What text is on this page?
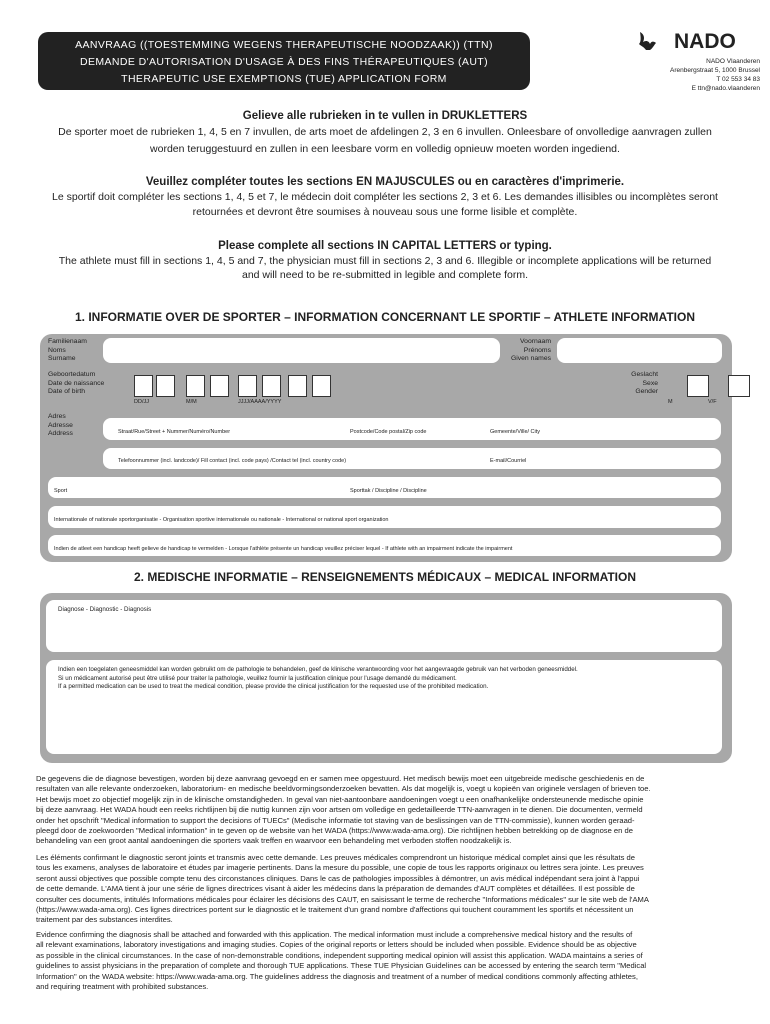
AANVRAAG ((TOESTEMMING WEGENS THERAPEUTISCHE NOODZAAK)) (TTN)
DEMANDE D'AUTORISATION D'USAGE À DES FINS THÉRAPEUTIQUES (AUT)
THERAPEUTIC USE EXEMPTIONS (TUE) APPLICATION FORM
NADO
NADO Vlaanderen
Arenbergstraat 5, 1000 Brussel
T 02 553 34 83
E ttn@nado.vlaanderen
Gelieve alle rubrieken in te vullen in DRUKLETTERS
De sporter moet de rubrieken 1, 4, 5 en 7 invullen, de arts moet de afdelingen 2, 3 en 6 invullen. Onleesbare of onvolledige aanvragen zullen
worden teruggestuurd en zullen in een leesbare vorm en volledig opnieuw moeten worden ingediend.
Veuillez compléter toutes les sections EN MAJUSCULES ou en caractères d'imprimerie.
Le sportif doit compléter les sections 1, 4, 5 et 7, le médecin doit compléter les sections 2, 3 et 6. Les demandes illisibles ou incomplètes seront
retournées et devront être soumises à nouveau sous une forme lisible et complète.
Please complete all sections IN CAPITAL LETTERS or typing.
The athlete must fill in sections 1, 4, 5 and 7, the physician must fill in sections 2, 3 and 6. Illegible or incomplete applications will be returned
and will need to be re-submitted in legible and complete form.
1. INFORMATIE OVER DE SPORTER – INFORMATION CONCERNANT LE SPORTIF – ATHLETE INFORMATION
Familienaam
Noms
Surname
Voornaam
Prénoms
Given names
Geboortedatum
Date de naissance
Date of birth
DD/JJ	M/M	JJJJ/AAAA/YYYY
Geslacht
Sexe
Gender
M	V/F
Adres
Adresse
Address	Straat/Rue/Street + Nummer/Numéro/Number	Postcode/Code postal/Zip code	Gemeente/Ville/ City
Telefoonnummer (incl. landcode)/ Fill contact (incl. code pays) /Contact tel (incl. country code)	E-mail/Courriel
Sport	Sporttak / Discipline / Discipline
Internationale of nationale sportorganisatie - Organisation sportive internationale ou nationale - International or national sport organization
Indien de atleet een handicap heeft gelieve de handicap te vermelden - Lorsque l'athlète présente un handicap veuillez préciser lequel - If athlete with an impairment indicate the impairment
2. MEDISCHE INFORMATIE – RENSEIGNEMENTS MÉDICAUX – MEDICAL INFORMATION
Diagnose - Diagnostic - Diagnosis
Indien een toegelaten geneesmiddel kan worden gebruikt om de pathologie te behandelen, geef de klinische verantwoording voor het aangevraagde gebruik van het verboden geneesmiddel.
Si un médicament autorisé peut être utilisé pour traiter la pathologie, veuillez fournir la justification clinique pour l'usage demandé du médicament.
If a permitted medication can be used to treat the medical condition, please provide the clinical justification for the requested use of the prohibited medication.
De gegevens die de diagnose bevestigen, worden bij deze aanvraag gevoegd en er samen mee opgestuurd. Het medisch bewijs moet een uitgebreide medische geschiedenis en de
resultaten van alle relevante onderzoeken, laboratorium- en medische beeldvormingsonderzoeken bevatten. Als dat mogelijk is, voegt u kopieën van originele verslagen of brieven toe.
Het bewijs moet zo objectief mogelijk zijn in de klinische omstandigheden. In geval van niet-aantoonbare aandoeningen voegt u een onafhankelijke ondersteunende medische opinie
bij deze aanvraag. Het WADA houdt een reeks richtlijnen bij die nuttig kunnen zijn voor artsen om volledige en gedetailleerde TTN-aanvragen in te dienen. Die documenten, vermeld
onder het opschrift "Medical information to support the decisions of TUECs" (Medische informatie tot staving van de beslissingen van de TTN-commissie), kunnen worden geraad-
pleegd door de zoekwoorden "Medical information" in te geven op de website van het WADA (https://www.wada-ama.org). Die richtlijnen hebben betrekking op de diagnose en de
behandeling van een groot aantal aandoeningen die sporters vaak treffen en waarvoor een behandeling met verboden stoffen noodzakelijk is.
Les éléments confirmant le diagnostic seront joints et transmis avec cette demande. Les preuves médicales comprendront un historique médical complet ainsi que les résultats de
tous les examens, analyses de laboratoire et études par imagerie pertinents. Dans la mesure du possible, une copie de tous les rapports originaux ou lettres sera jointe. Les preuves
seront aussi objectives que possible compte tenu des circonstances cliniques. Dans le cas de pathologies impossibles à démontrer, un avis médical indépendant sera joint à l'appui
de cette demande. L'AMA tient à jour une série de lignes directrices visant à aider les médecins dans la préparation de demandes d'AUT complètes et détaillées. Il est possible de
consulter ces documents, intitulés Informations médicales pour éclairer les décisions des CAUT, en saisissant le terme de recherche "Informations médicales" sur le site web de l'AMA
(https://www.wada-ama.org). Ces lignes directrices portent sur le diagnostic et le traitement d'un grand nombre d'affections qui touchent couramment les sportifs et nécessitent un
traitement par des substances interdites.
Evidence confirming the diagnosis shall be attached and forwarded with this application. The medical information must include a comprehensive medical history and the results of
all relevant examinations, laboratory investigations and imaging studies. Copies of the original reports or letters should be included when possible. Evidence should be as objective
as possible in the clinical circumstances. In the case of non-demonstrable conditions, independent supporting medical opinion will assist this application. WADA maintains a series of
guidelines to assist physicians in the preparation of complete and thorough TUE applications. These TUE Physician Guidelines can be accessed by entering the search term "Medical
Information" on the WADA website: https://www.wada-ama.org. The guidelines address the diagnosis and treatment of a number of medical conditions commonly affecting athletes,
and requiring treatment with prohibited substances.
